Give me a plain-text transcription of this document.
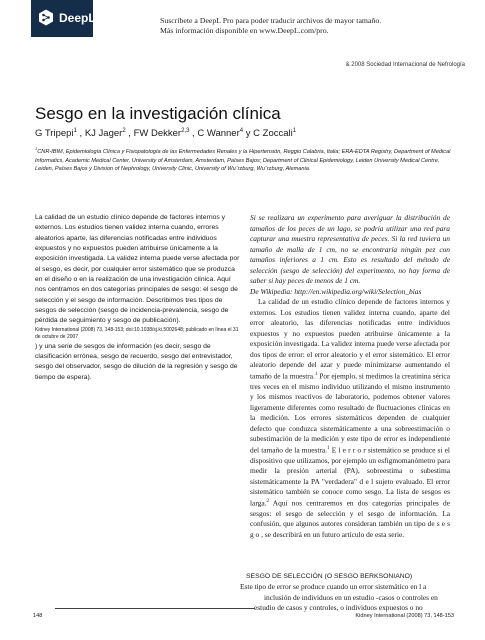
DeepL	Suscríbete a DeepL Pro para poder traducir archivos de mayor tamaño.
Más información disponible en www.DeepL.com/pro.
& 2008 Sociedad Internacional de Nefrología
Sesgo en la investigación clínica
G Tripepi$^1$ , KJ Jager$^2$ , FW Dekker$^{2,3}$ , C Wanner$^4$ y C Zoccali$^1$
$^1$CNR-IBIM, Epidemiología Clínica y Fisiopatología de las Enfermedades Renales y la Hipertensión, Reggio Calabria, Italia; ERA-EDTA Registry, Department of Medical Informatics, Academic Medical Center, University of Amsterdam, Amsterdam, Países Bajos; Department of Clinical Epidemiology, Leiden University Medical Centre, Leiden, Países Bajos y Division of Nephrology, University Clinic, University of Wu¨rzburg, Wu¨rzburg, Alemania.

La calidad de un estudio clínico depende de factores internos y externos. Los estudios tienen validez interna cuando, errores aleatorios aparte, las diferencias notificadas entre individuos expuestos y no expuestos pueden atribuirse únicamente a la exposición investigada. La validez interna puede verse afectada por el sesgo, es decir, por cualquier error sistemático que se produzca en el diseño o en la realización de una investigación clínica. Aquí nos centramos en dos categorías principales de sesgo: el sesgo de selección y el sesgo de información. Describimos tres tipos de sesgos de selección (sesgo de incidencia-prevalencia, sesgo de pérdida de seguimiento y sesgo de publicación).

Kidney International (2008) 73, 148-153; doi:10.1038/sj.ki.5002648; publicado en línea el 31 de octubre de 2007

) y una serie de sesgos de información (es decir, sesgo de clasificación errónea, sesgo de recuerdo, sesgo del entrevistador, sesgo del observador, sesgo de dilución de la regresión y sesgo de tiempo de espera).

Si se realizara un experimento para averiguar la distribución de tamaños de los peces de un lago, se podría utilizar una red para capturar una muestra representativa de peces. Si la red tuviera un tamaño de malla de 1 cm, no se encontraría ningún pez con tamaños inferiores a 1 cm. Esto es resultado del método de selección (sesgo de selección) del experimento, no hay forma de saber si hay peces de menos de 1 cm.

De Wikipedia: http://en.wikipedia.org/wiki/Selection_bias

La calidad de un estudio clínico depende de factores internos y externos. Los estudios tienen validez interna cuando, aparte del error aleatorio, las diferencias notificadas entre individuos expuestos y no expuestos pueden atribuirse únicamente a la exposición investigada. La validez interna puede verse afectada por dos tipos de error: el error aleatorio y el error sistemático. El error aleatorio depende del azar y puede minimizarse aumentando el tamaño de la muestra.$^1$ Por ejemplo, si medimos la creatinina sérica tres veces en el mismo individuo utilizando el mismo instrumento y los mismos reactivos de laboratorio, podemos obtener valores ligeramente diferentes como resultado de fluctuaciones clínicas en la medición. Los errores sistemáticos dependen de cualquier defecto que conduzca sistemáticamente a una sobreestimación o subestimación de la medición y este tipo de error es independiente del tamaño de la muestra.$^1$ E l e r r o r sistemático se produce si el dispositivo que utilizamos, por ejemplo un esfigmomanómetro para medir la presión arterial (PA), sobreestima o subestima sistemáticamente la PA "verdadera" d e l sujeto evaluado. El error sistemático también se conoce como sesgo. La lista de sesgos es larga.$^2$ Aquí nos centraremos en dos categorías principales de sesgos: el sesgo de selección y el sesgo de información. La confusión, que algunos autores consideran también un tipo de s e s g o , se describirá en un futuro artículo de esta serie.

SESGO DE SELECCIÓN (O SESGO BERKSONIANO)
Este tipo de error se produce cuando un error sistemático en l a
inclusión de individuos en un estudio -casos o controles en
estudio de casos y controles, o individuos expuestos o no
148	Kidney International (2008) 73, 148-153
